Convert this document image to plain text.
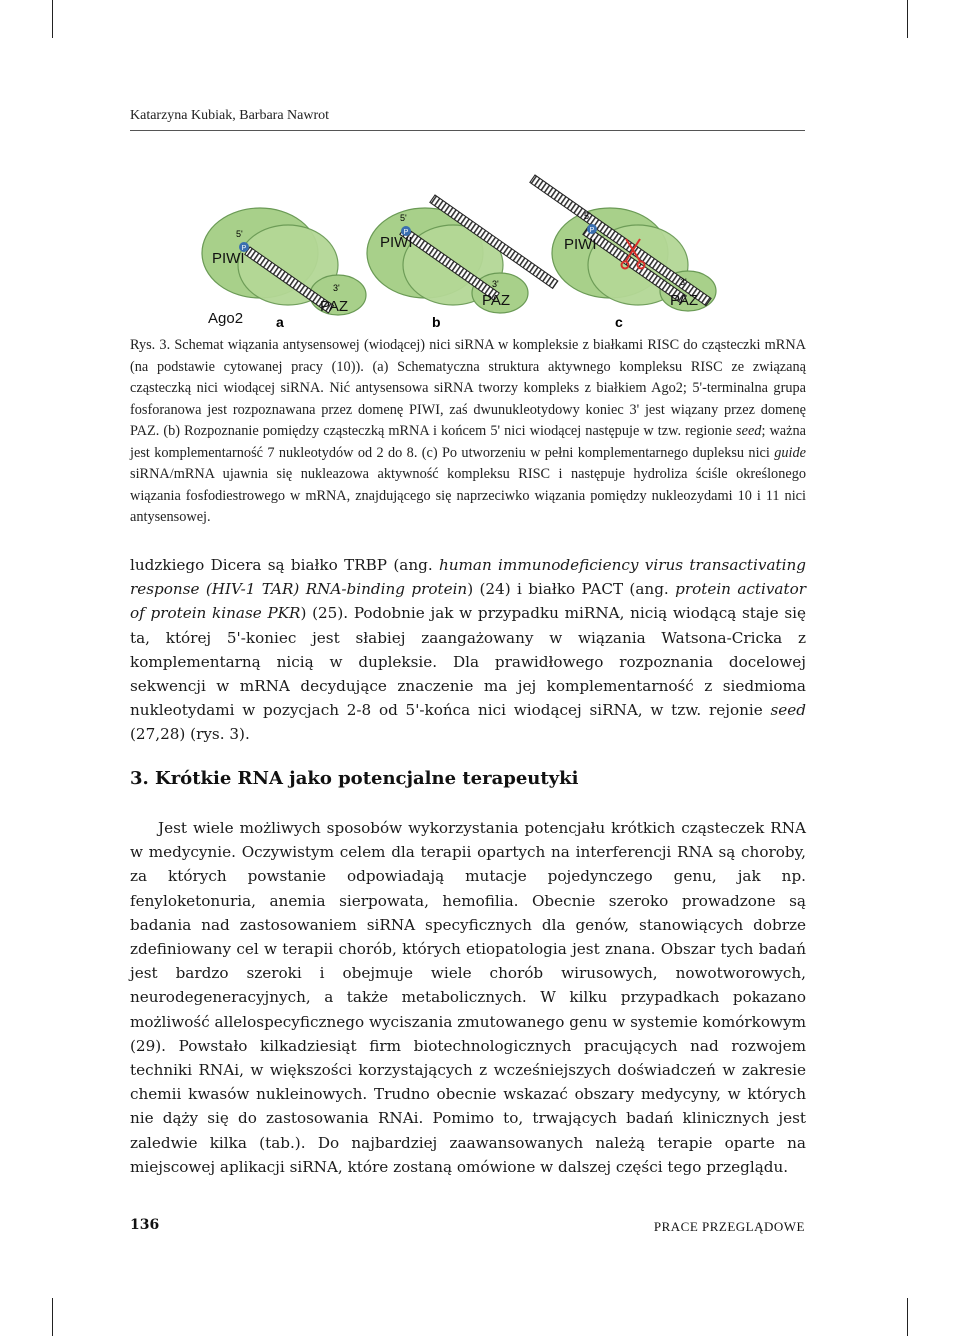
Katarzyna Kubiak, Barbara Nawrot
P
5'
PIWI
3'
PAZ
Ago2 a
P
5'
PIWI
3'
PAZ
b
P
5'
PIWI
3'
PAZ
c
Rys. 3. Schemat wiązania antysensowej (wiodącej) nici siRNA w kompleksie z białkami RISC do cząsteczki mRNA (na podstawie cytowanej pracy (10)). (a) Schematyczna struktura aktywnego kompleksu RISC ze związaną cząsteczką nici wiodącej siRNA. Nić antysensowa siRNA tworzy kompleks z białkiem Ago2; 5'-terminalna grupa fosforanowa jest rozpoznawana przez domenę PIWI, zaś dwunukleotydowy koniec 3' jest wiązany przez domenę PAZ. (b) Rozpoznanie pomiędzy cząsteczką mRNA i końcem 5' nici wiodącej następuje w tzw. regionie seed; ważna jest komplementarność 7 nukleotydów od 2 do 8. (c) Po utworzeniu w pełni komplementarnego dupleksu nici guide siRNA/mRNA ujawnia się nukleazowa aktywność kompleksu RISC i następuje hydroliza ściśle określonego wiązania fosfodiestrowego w mRNA, znajdującego się naprzeciwko wiązania pomiędzy nukleozydami 10 i 11 nici antysensowej.
ludzkiego Dicera są białko TRBP (ang. human immunodeficiency virus transactivating response (HIV-1 TAR) RNA-binding protein) (24) i białko PACT (ang. protein activator of protein kinase PKR) (25). Podobnie jak w przypadku miRNA, nicią wiodącą staje się ta, której 5'-koniec jest słabiej zaangażowany w wiązania Watsona-Cricka z komplementarną nicią w dupleksie. Dla prawidłowego rozpoznania docelowej sekwencji w mRNA decydujące znaczenie ma jej komplementarność z siedmioma nukleotydami w pozycjach 2-8 od 5'-końca nici wiodącej siRNA, w tzw. rejonie seed (27,28) (rys. 3).
3. Krótkie RNA jako potencjalne terapeutyki
Jest wiele możliwych sposobów wykorzystania potencjału krótkich cząsteczek RNA w medycynie. Oczywistym celem dla terapii opartych na interferencji RNA są choroby, za których powstanie odpowiadają mutacje pojedynczego genu, jak np. fenyloketonuria, anemia sierpowata, hemofilia. Obecnie szeroko prowadzone są badania nad zastosowaniem siRNA specyficznych dla genów, stanowiących dobrze zdefiniowany cel w terapii chorób, których etiopatologia jest znana. Obszar tych badań jest bardzo szeroki i obejmuje wiele chorób wirusowych, nowotworowych, neurodegeneracyjnych, a także metabolicznych. W kilku przypadkach pokazano możliwość allelospecyficznego wyciszania zmutowanego genu w systemie komórkowym (29). Powstało kilkadziesiąt firm biotechnologicznych pracujących nad rozwojem techniki RNAi, w większości korzystających z wcześniejszych doświadczeń w zakresie chemii kwasów nukleinowych. Trudno obecnie wskazać obszary medycyny, w których nie dąży się do zastosowania RNAi. Pomimo to, trwających badań klinicznych jest zaledwie kilka (tab.). Do najbardziej zaawansowanych należą terapie oparte na miejscowej aplikacji siRNA, które zostaną omówione w dalszej części tego przeglądu.
136	PRACE PRZEGLĄDOWE
